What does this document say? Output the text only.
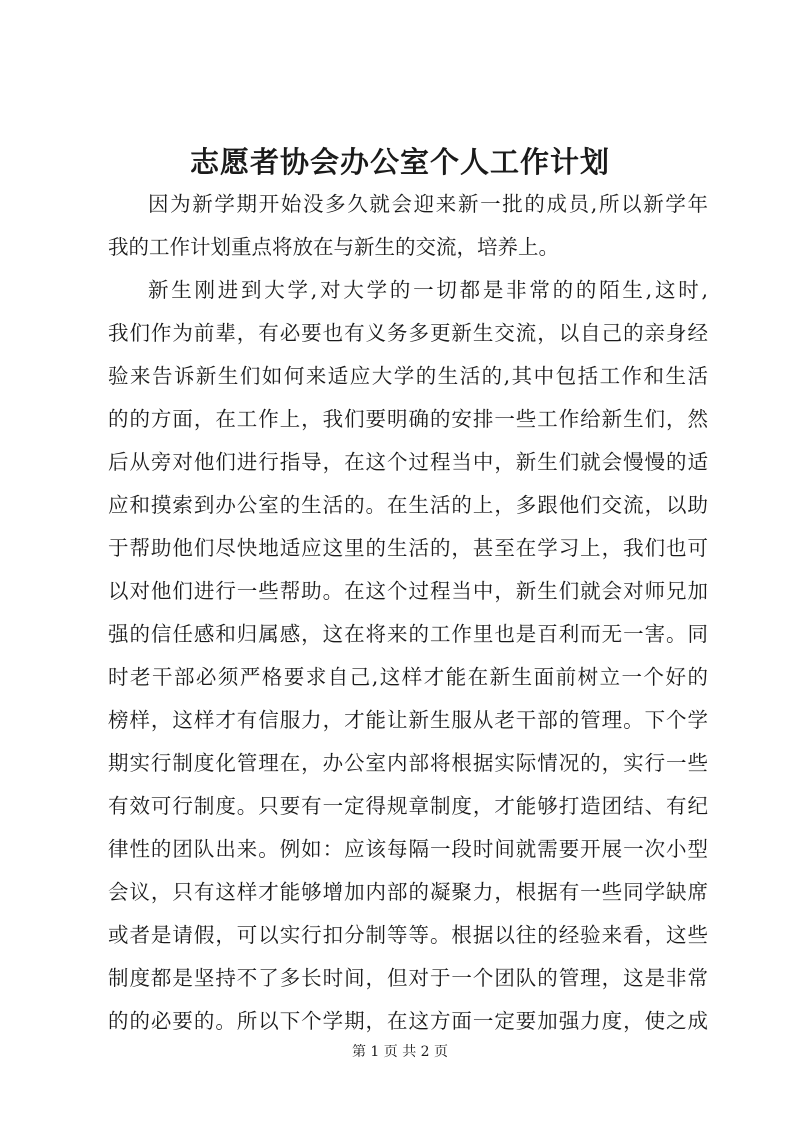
志愿者协会办公室个人工作计划

因为新学期开始没多久就会迎来新一批的成员,所以新学年

我的工作计划重点将放在与新生的交流，培养上。

新生刚进到大学,对大学的一切都是非常的的陌生,这时,

我们作为前辈，有必要也有义务多更新生交流，以自己的亲身经

验来告诉新生们如何来适应大学的生活的,其中包括工作和生活

的的方面，在工作上，我们要明确的安排一些工作给新生们，然

后从旁对他们进行指导，在这个过程当中，新生们就会慢慢的适

应和摸索到办公室的生活的。在生活的上，多跟他们交流，以助

于帮助他们尽快地适应这里的生活的，甚至在学习上，我们也可

以对他们进行一些帮助。在这个过程当中，新生们就会对师兄加

强的信任感和归属感，这在将来的工作里也是百利而无一害。同

时老干部必须严格要求自己,这样才能在新生面前树立一个好的

榜样，这样才有信服力，才能让新生服从老干部的管理。下个学

期实行制度化管理在，办公室内部将根据实际情况的，实行一些

有效可行制度。只要有一定得规章制度，才能够打造团结、有纪

律性的团队出来。例如：应该每隔一段时间就需要开展一次小型

会议，只有这样才能够增加内部的凝聚力，根据有一些同学缺席

或者是请假，可以实行扣分制等等。根据以往的经验来看，这些

制度都是坚持不了多长时间，但对于一个团队的管理，这是非常

的的必要的。所以下个学期，在这方面一定要加强力度，使之成

第 1 页 共 2 页
